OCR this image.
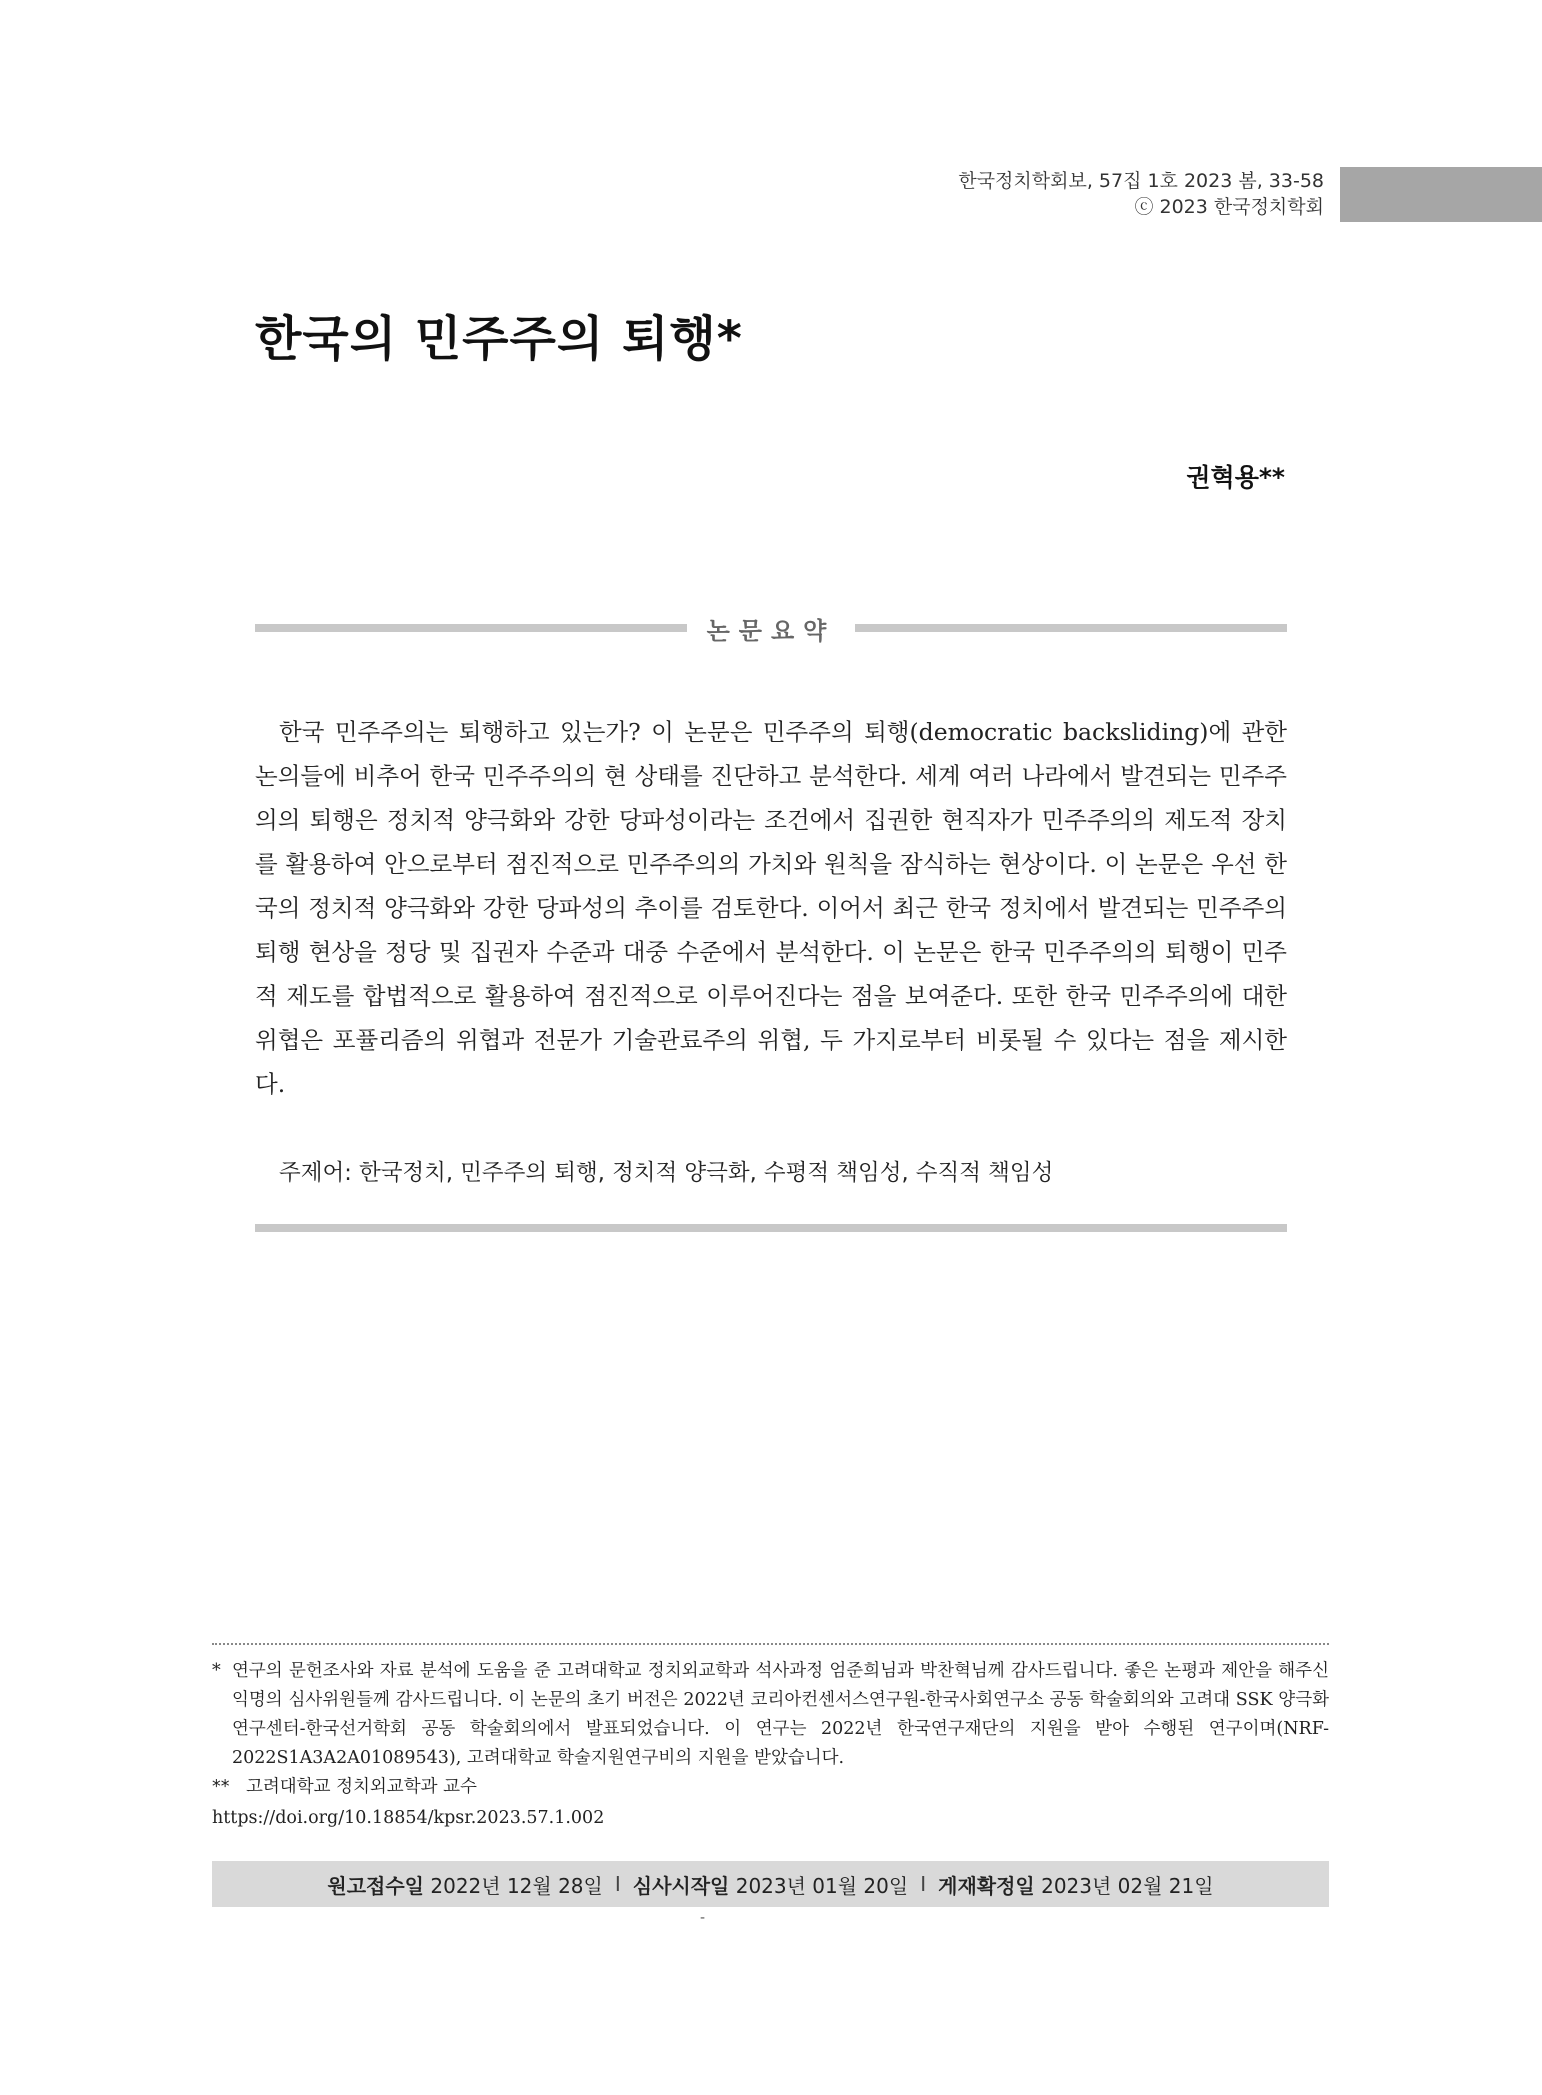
한국정치학회보, 57집 1호 2023 봄, 33-58
ⓒ 2023 한국정치학회
한국의 민주주의 퇴행*
권혁용**
논문요약

한국 민주주의는 퇴행하고 있는가? 이 논문은 민주주의 퇴행(democratic backsliding)에 관한 논의들에 비추어 한국 민주주의의 현 상태를 진단하고 분석한다. 세계 여러 나라에서 발견되는 민주주의의 퇴행은 정치적 양극화와 강한 당파성이라는 조건에서 집권한 현직자가 민주주의의 제도적 장치를 활용하여 안으로부터 점진적으로 민주주의의 가치와 원칙을 잠식하는 현상이다. 이 논문은 우선 한국의 정치적 양극화와 강한 당파성의 추이를 검토한다. 이어서 최근 한국 정치에서 발견되는 민주주의 퇴행 현상을 정당 및 집권자 수준과 대중 수준에서 분석한다. 이 논문은 한국 민주주의의 퇴행이 민주적 제도를 합법적으로 활용하여 점진적으로 이루어진다는 점을 보여준다. 또한 한국 민주주의에 대한 위협은 포퓰리즘의 위협과 전문가 기술관료주의 위협, 두 가지로부터 비롯될 수 있다는 점을 제시한다.

주제어: 한국정치, 민주주의 퇴행, 정치적 양극화, 수평적 책임성, 수직적 책임성
* 연구의 문헌조사와 자료 분석에 도움을 준 고려대학교 정치외교학과 석사과정 엄준희님과 박찬혁님께 감사드립니다. 좋은 논평과 제안을 해주신 익명의 심사위원들께 감사드립니다. 이 논문의 초기 버전은 2022년 코리아컨센서스연구원-한국사회연구소 공동 학술회의와 고려대 SSK 양극화연구센터-한국선거학회 공동 학술회의에서 발표되었습니다. 이 연구는 2022년 한국연구재단의 지원을 받아 수행된 연구이며(NRF-2022S1A3A2A01089543), 고려대학교 학술지원연구비의 지원을 받았습니다.
** 고려대학교 정치외교학과 교수
https://doi.org/10.18854/kpsr.2023.57.1.002
원고접수일
2022년 12월 28일 I 심사시작일
2023년 01월 20일 I 게재확정일
2023년 02월 21일
-
